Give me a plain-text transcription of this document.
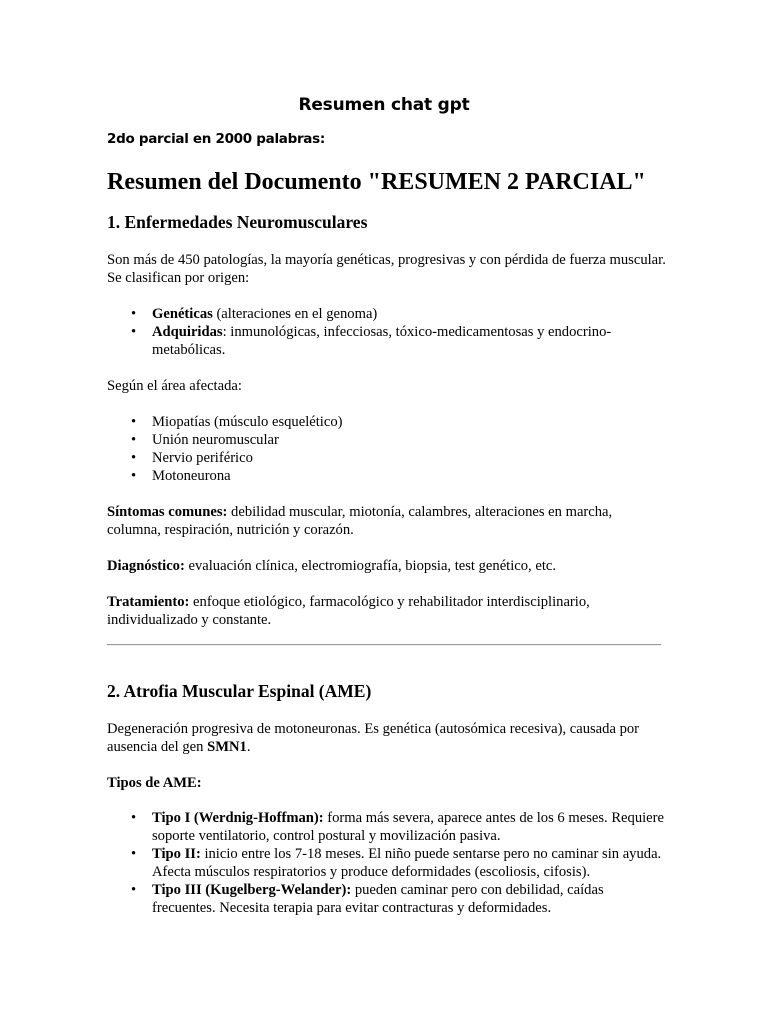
Resumen chat gpt
2do parcial en 2000 palabras:
Resumen del Documento "RESUMEN 2 PARCIAL"
1. Enfermedades Neuromusculares

Son más de 450 patologías, la mayoría genéticas, progresivas y con pérdida de fuerza muscular. Se clasifican por origen:

• Genéticas (alteraciones en el genoma)
• Adquiridas: inmunológicas, infecciosas, tóxico-medicamentosas y endocrino-metabólicas.

Según el área afectada:

• Miopatías (músculo esquelético)
• Unión neuromuscular
• Nervio periférico
• Motoneurona

Síntomas comunes: debilidad muscular, miotonía, calambres, alteraciones en marcha, columna, respiración, nutrición y corazón.

Diagnóstico: evaluación clínica, electromiografía, biopsia, test genético, etc.

Tratamiento: enfoque etiológico, farmacológico y rehabilitador interdisciplinario, individualizado y constante.

2. Atrofia Muscular Espinal (AME)

Degeneración progresiva de motoneuronas. Es genética (autosómica recesiva), causada por ausencia del gen SMN1.

Tipos de AME:

• Tipo I (Werdnig-Hoffman): forma más severa, aparece antes de los 6 meses. Requiere soporte ventilatorio, control postural y movilización pasiva.
• Tipo II: inicio entre los 7-18 meses. El niño puede sentarse pero no caminar sin ayuda. Afecta músculos respiratorios y produce deformidades (escoliosis, cifosis).
• Tipo III (Kugelberg-Welander): pueden caminar pero con debilidad, caídas frecuentes. Necesita terapia para evitar contracturas y deformidades.
